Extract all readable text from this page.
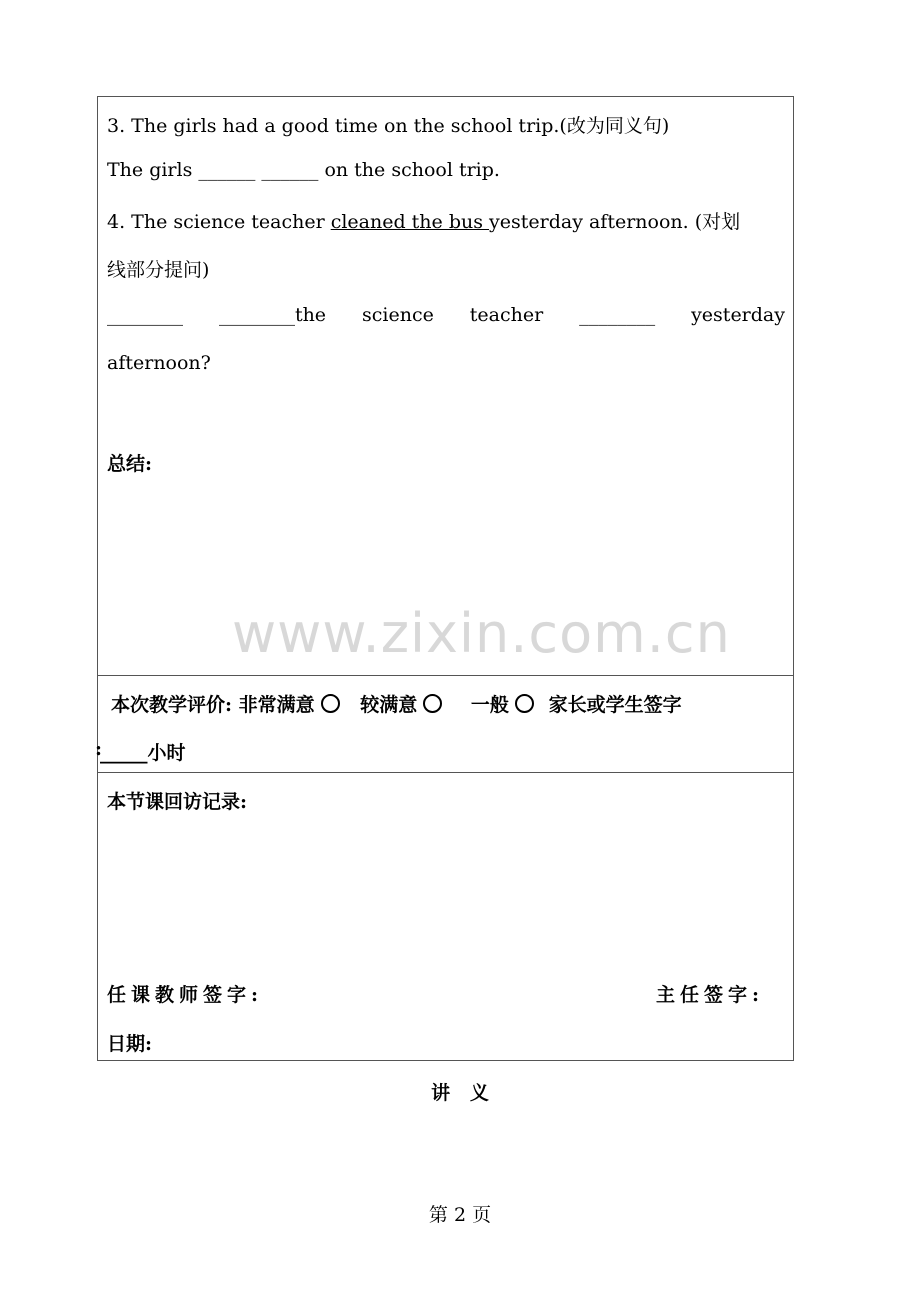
3. The girls had a good time on the school trip.(改为同义句)
The girls ______ ______ on the school trip.
4. The science teacher cleaned the bus yesterday afternoon. (对划
线部分提问)
________ ________the science teacher ________ yesterday
afternoon?
总结:
本次教学评价: 非常满意 较满意	一般 家长或学生签字
:
_____小时
本节课回访记录:
任课教师签字:	主任签字:
日期:
www.zixin.com.cn
讲   义
第 2 页
